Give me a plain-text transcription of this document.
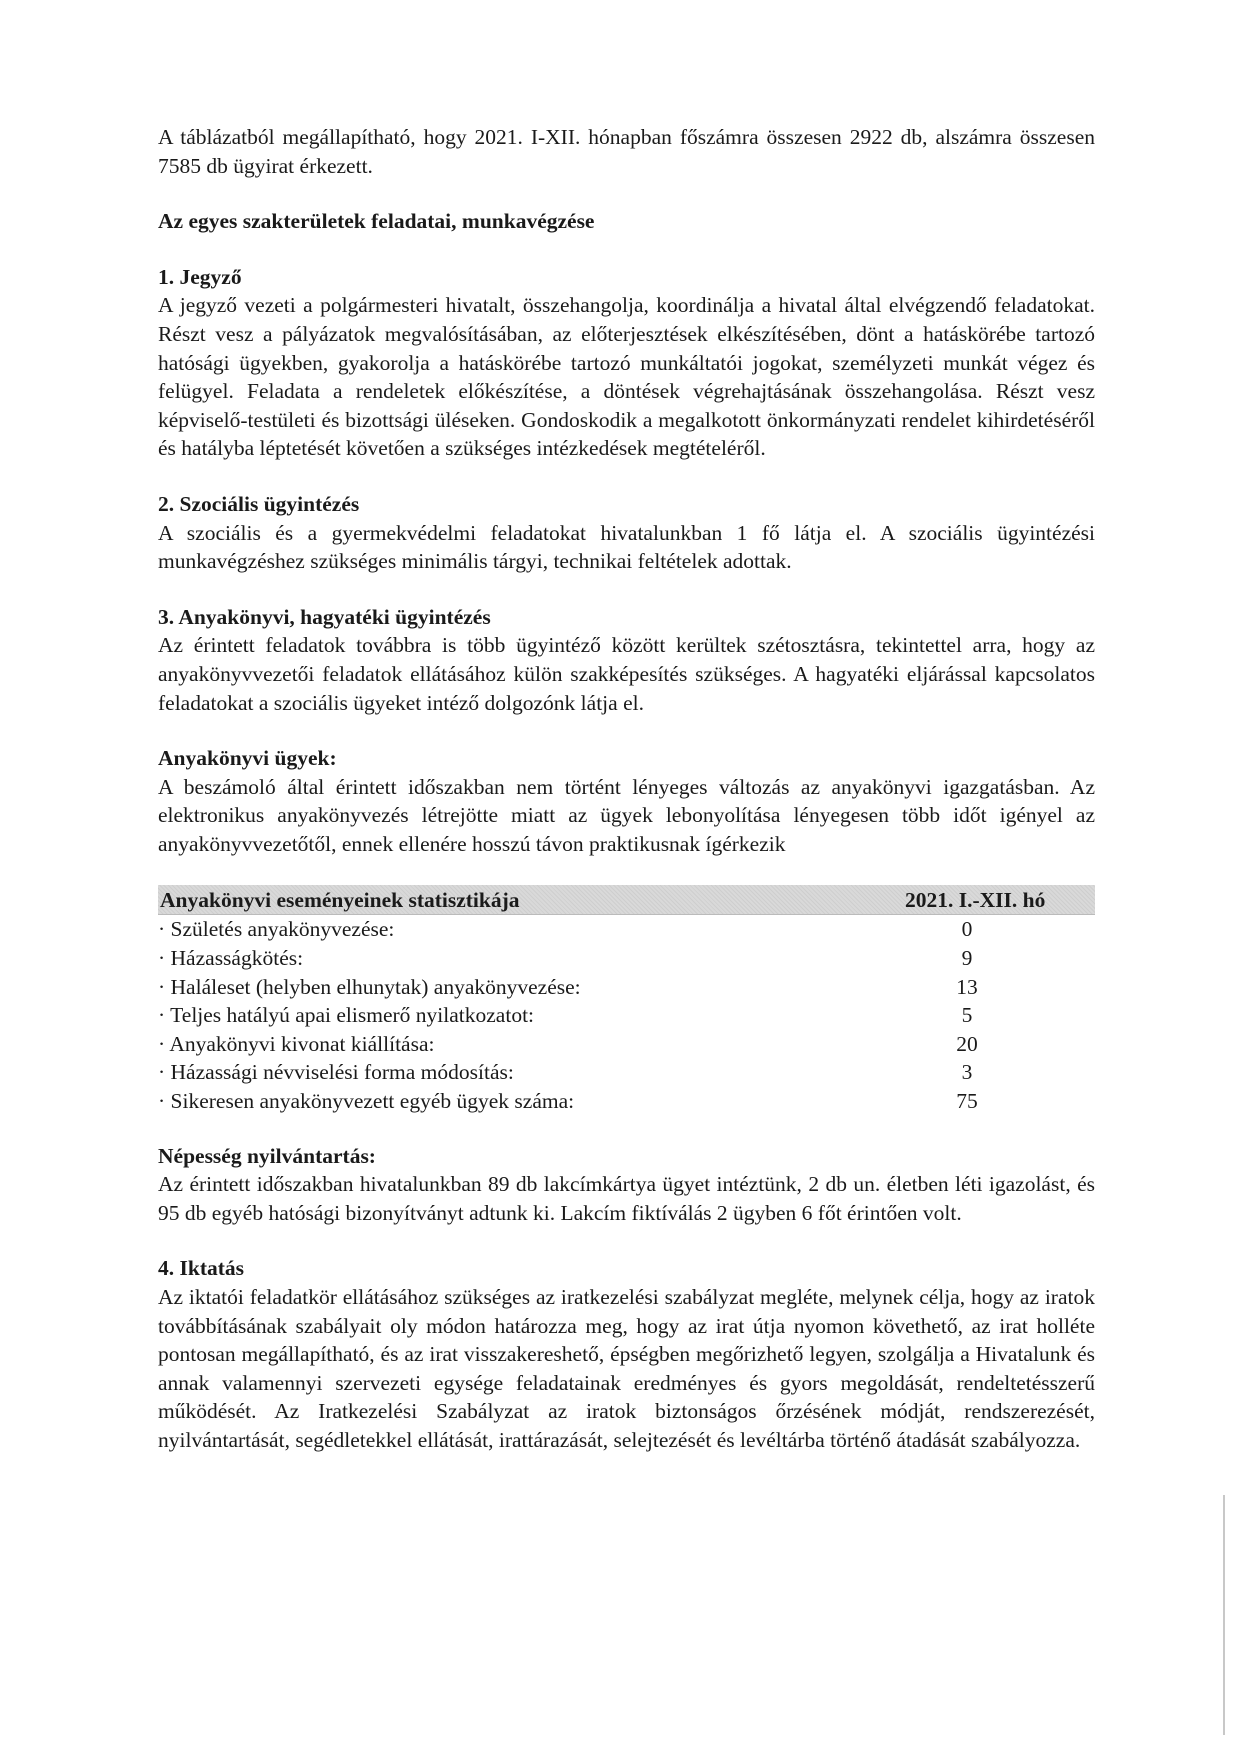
A táblázatból megállapítható, hogy 2021. I-XII. hónapban főszámra összesen 2922 db, alszámra összesen 7585 db ügyirat érkezett.

Az egyes szakterületek feladatai, munkavégzése

1. Jegyző

A jegyző vezeti a polgármesteri hivatalt, összehangolja, koordinálja a hivatal által elvégzendő feladatokat. Részt vesz a pályázatok megvalósításában, az előterjesztések elkészítésében, dönt a hatáskörébe tartozó hatósági ügyekben, gyakorolja a hatáskörébe tartozó munkáltatói jogokat, személyzeti munkát végez és felügyel. Feladata a rendeletek előkészítése, a döntések végrehajtásának összehangolása. Részt vesz képviselő-testületi és bizottsági üléseken. Gondoskodik a megalkotott önkormányzati rendelet kihirdetéséről és hatályba léptetését követően a szükséges intézkedések megtételéről.

2. Szociális ügyintézés

A szociális és a gyermekvédelmi feladatokat hivatalunkban 1 fő látja el. A szociális ügyintézési munkavégzéshez szükséges minimális tárgyi, technikai feltételek adottak.

3. Anyakönyvi, hagyatéki ügyintézés

Az érintett feladatok továbbra is több ügyintéző között kerültek szétosztásra, tekintettel arra, hogy az anyakönyvvezetői feladatok ellátásához külön szakképesítés szükséges. A hagyatéki eljárással kapcsolatos feladatokat a szociális ügyeket intéző dolgozónk látja el.

Anyakönyvi ügyek:

A beszámoló által érintett időszakban nem történt lényeges változás az anyakönyvi igazgatásban. Az elektronikus anyakönyvezés létrejötte miatt az ügyek lebonyolítása lényegesen több időt igényel az anyakönyvvezetőtől, ennek ellenére hosszú távon praktikusnak ígérkezik

Anyakönyvi eseményeinek statisztikája	2021. I.-XII. hó
· Születés anyakönyvezése:	0
· Házasságkötés:	9
· Haláleset (helyben elhunytak) anyakönyvezése:	13
· Teljes hatályú apai elismerő nyilatkozatot:	5
· Anyakönyvi kivonat kiállítása:	20
· Házassági névviselési forma módosítás:	3
· Sikeresen anyakönyvezett egyéb ügyek száma:	75

Népesség nyilvántartás:

Az érintett időszakban hivatalunkban 89 db lakcímkártya ügyet intéztünk, 2 db un. életben léti igazolást, és 95 db egyéb hatósági bizonyítványt adtunk ki. Lakcím fiktíválás 2 ügyben 6 főt érintően volt.

4. Iktatás

Az iktatói feladatkör ellátásához szükséges az iratkezelési szabályzat megléte, melynek célja, hogy az iratok továbbításának szabályait oly módon határozza meg, hogy az irat útja nyomon követhető, az irat holléte pontosan megállapítható, és az irat visszakereshető, épségben megőrizhető legyen, szolgálja a Hivatalunk és annak valamennyi szervezeti egysége feladatainak eredményes és gyors megoldását, rendeltetésszerű működését. Az Iratkezelési Szabályzat az iratok biztonságos őrzésének módját, rendszerezését, nyilvántartását, segédletekkel ellátását, irattárazását, selejtezését és levéltárba történő átadását szabályozza.
